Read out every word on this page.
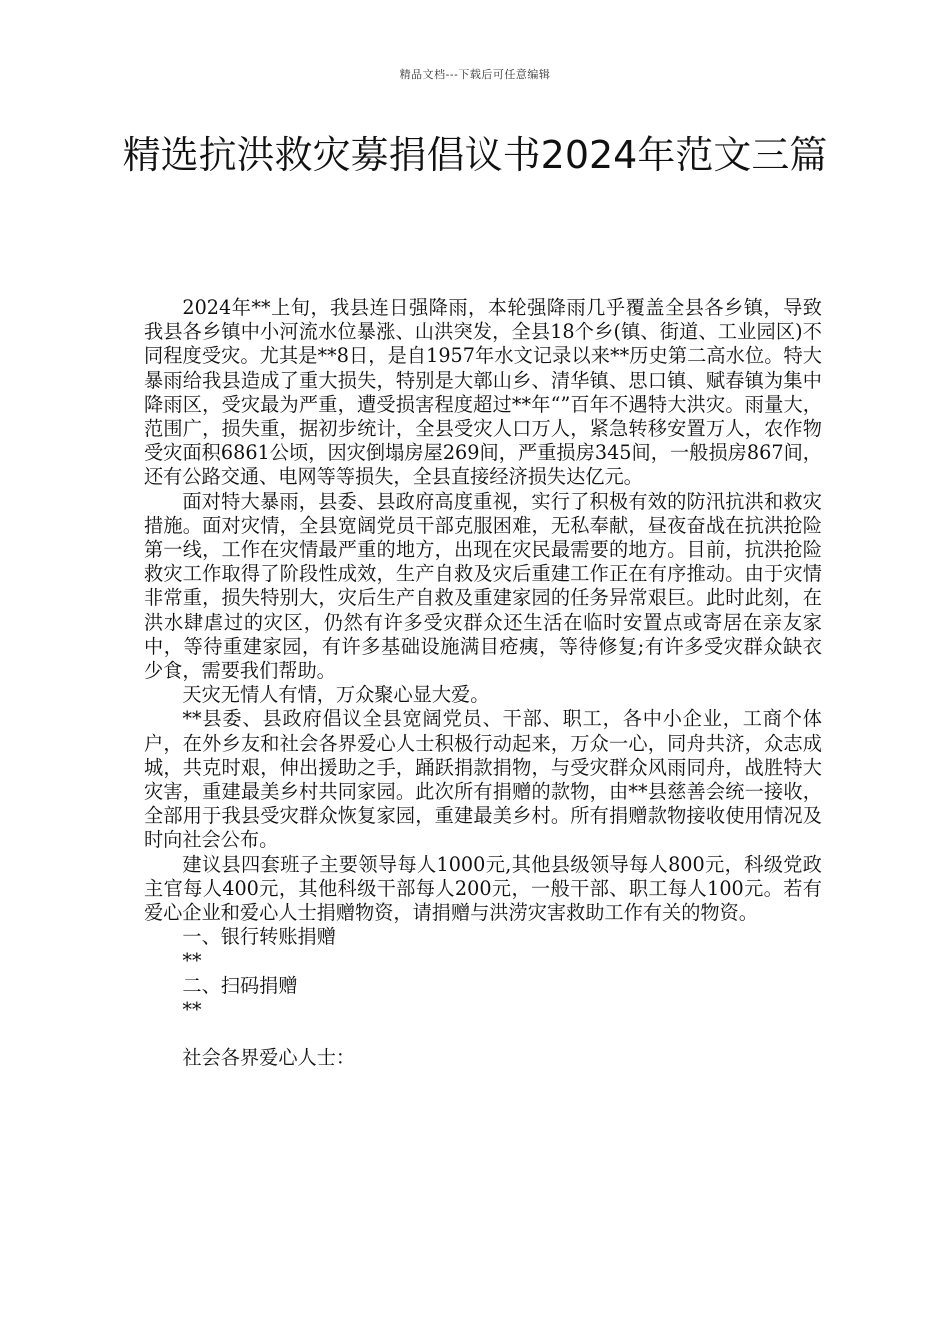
精品文档---下载后可任意编辑
精选抗洪救灾募捐倡议书2024年范文三篇

2024年**上旬，我县连日强降雨，本轮强降雨几乎覆盖全县各乡镇，导致我县各乡镇中小河流水位暴涨、山洪突发，全县18个乡(镇、街道、工业园区)不同程度受灾。尤其是**8日，是自1957年水文记录以来**历史第二高水位。特大暴雨给我县造成了重大损失，特别是大鄣山乡、清华镇、思口镇、赋春镇为集中降雨区，受灾最为严重，遭受损害程度超过**年“”百年不遇特大洪灾。雨量大，范围广，损失重，据初步统计，全县受灾人口万人，紧急转移安置万人，农作物受灾面积6861公顷，因灾倒塌房屋269间，严重损房345间，一般损房867间，还有公路交通、电网等等损失，全县直接经济损失达亿元。

面对特大暴雨，县委、县政府高度重视，实行了积极有效的防汛抗洪和救灾措施。面对灾情，全县宽阔党员干部克服困难，无私奉献，昼夜奋战在抗洪抢险第一线，工作在灾情最严重的地方，出现在灾民最需要的地方。目前，抗洪抢险救灾工作取得了阶段性成效，生产自救及灾后重建工作正在有序推动。由于灾情非常重，损失特别大，灾后生产自救及重建家园的任务异常艰巨。此时此刻，在洪水肆虐过的灾区，仍然有许多受灾群众还生活在临时安置点或寄居在亲友家中，等待重建家园，有许多基础设施满目疮痍，等待修复;有许多受灾群众缺衣少食，需要我们帮助。

天灾无情人有情，万众聚心显大爱。

**县委、县政府倡议全县宽阔党员、干部、职工，各中小企业，工商个体户，在外乡友和社会各界爱心人士积极行动起来，万众一心，同舟共济，众志成城，共克时艰，伸出援助之手，踊跃捐款捐物，与受灾群众风雨同舟，战胜特大灾害，重建最美乡村共同家园。此次所有捐赠的款物，由**县慈善会统一接收，全部用于我县受灾群众恢复家园，重建最美乡村。所有捐赠款物接收使用情况及时向社会公布。

建议县四套班子主要领导每人1000元,其他县级领导每人800元，科级党政主官每人400元，其他科级干部每人200元，一般干部、职工每人100元。若有爱心企业和爱心人士捐赠物资，请捐赠与洪涝灾害救助工作有关的物资。

一、银行转账捐赠

**

二、扫码捐赠

**

社会各界爱心人士：
